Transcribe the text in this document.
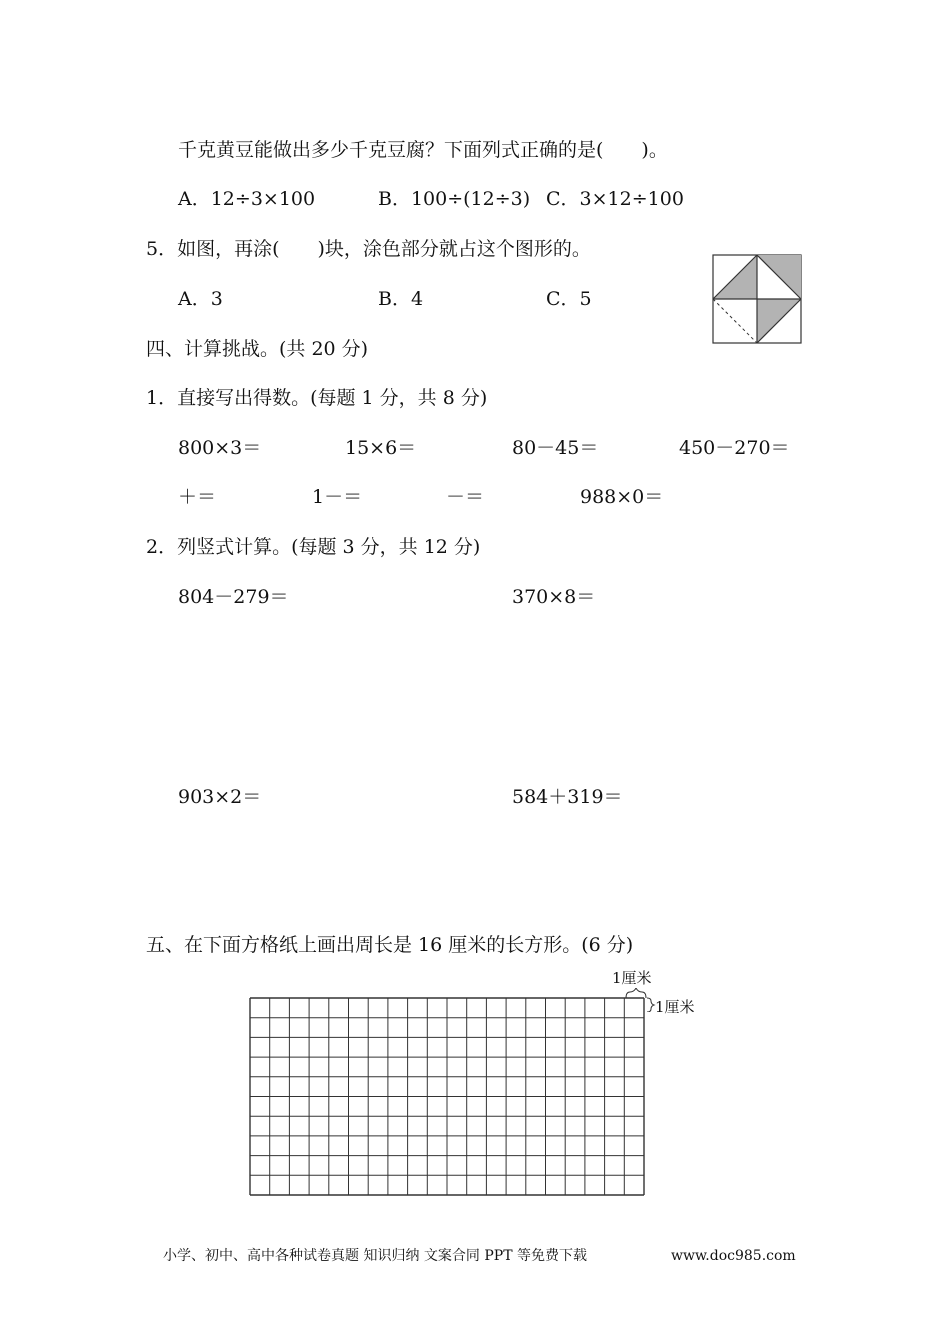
千克黄豆能做出多少千克豆腐？下面列式正确的是(　　)。
A．12÷3×100	B．100÷(12÷3) C．3×12÷100
5．如图，再涂(　　)块，涂色部分就占这个图形的。
A．3	B．4	C．5
四、计算挑战。(共 20 分)
1．直接写出得数。(每题 1 分，共 8 分)
800×3＝	15×6＝	80－45＝	450－270＝
＋＝	1－＝	－＝	988×0＝
2．列竖式计算。(每题 3 分，共 12 分)
804－279＝	370×8＝
903×2＝	584＋319＝
五、在下面方格纸上画出周长是 16 厘米的长方形。(6 分)
1厘米
1厘米
小学、初中、高中各种试卷真题 知识归纳 文案合同 PPT 等免费下载	www.doc985.com
